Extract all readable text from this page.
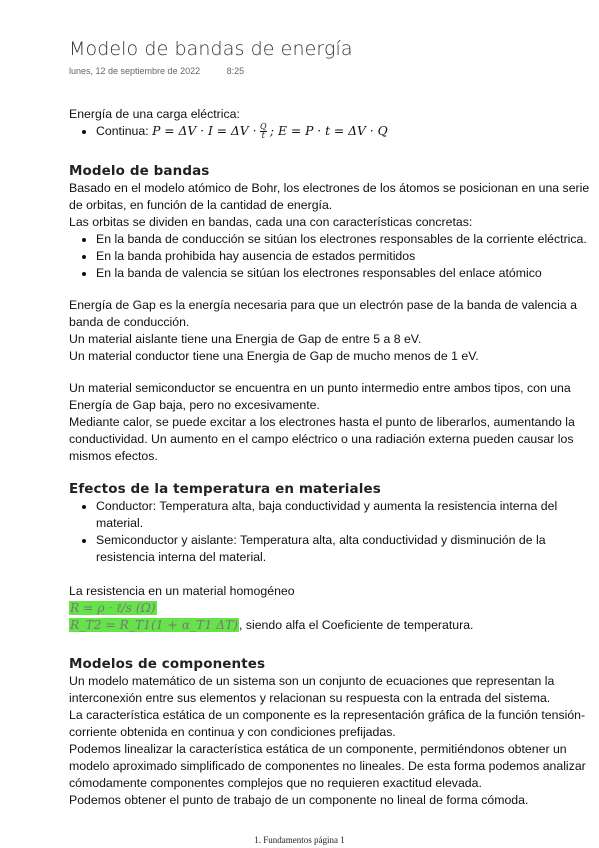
Modelo de bandas de energía
lunes, 12 de septiembre de 2022	8:25

Energía de una carga eléctrica:

• Continua: $P = \Delta V \cdot I = \Delta V \cdot \frac{Q}{t}$ ; E = P · t = ΔV · Q

Modelo de bandas

Basado en el modelo atómico de Bohr, los electrones de los átomos se posicionan en una serie de orbitas, en función de la cantidad de energía.

Las orbitas se dividen en bandas, cada una con características concretas:

• En la banda de conducción se sitúan los electrones responsables de la corriente eléctrica.
• En la banda prohibida hay ausencia de estados permitidos
• En la banda de valencia se sitúan los electrones responsables del enlace atómico

Energía de Gap es la energía necesaria para que un electrón pase de la banda de valencia a banda de conducción.

Un material aislante tiene una Energia de Gap de entre 5 a 8 eV.

Un material conductor tiene una Energia de Gap de mucho menos de 1 eV.

Un material semiconductor se encuentra en un punto intermedio entre ambos tipos, con una Energía de Gap baja, pero no excesivamente.

Mediante calor, se puede excitar a los electrones hasta el punto de liberarlos, aumentando la conductividad. Un aumento en el campo eléctrico o una radiación externa pueden causar los mismos efectos.

Efectos de la temperatura en materiales

• Conductor: Temperatura alta, baja conductividad y aumenta la resistencia interna del material.
• Semiconductor y aislante: Temperatura alta, alta conductividad y disminución de la resistencia interna del material.

La resistencia en un material homogéneo

R = ρ · ℓ/s (Ω)

R_T2 = R_T1(1 + α_T1 ΔT), siendo alfa el Coeficiente de temperatura.

Modelos de componentes

Un modelo matemático de un sistema son un conjunto de ecuaciones que representan la interconexión entre sus elementos y relacionan su respuesta con la entrada del sistema.

La característica estática de un componente es la representación gráfica de la función tensión-corriente obtenida en continua y con condiciones prefijadas.

Podemos linealizar la característica estática de un componente, permitiéndonos obtener un modelo aproximado simplificado de componentes no lineales. De esta forma podemos analizar cómodamente componentes complejos que no requieren exactitud elevada.

Podemos obtener el punto de trabajo de un componente no lineal de forma cómoda.

1. Fundamentos página 1
